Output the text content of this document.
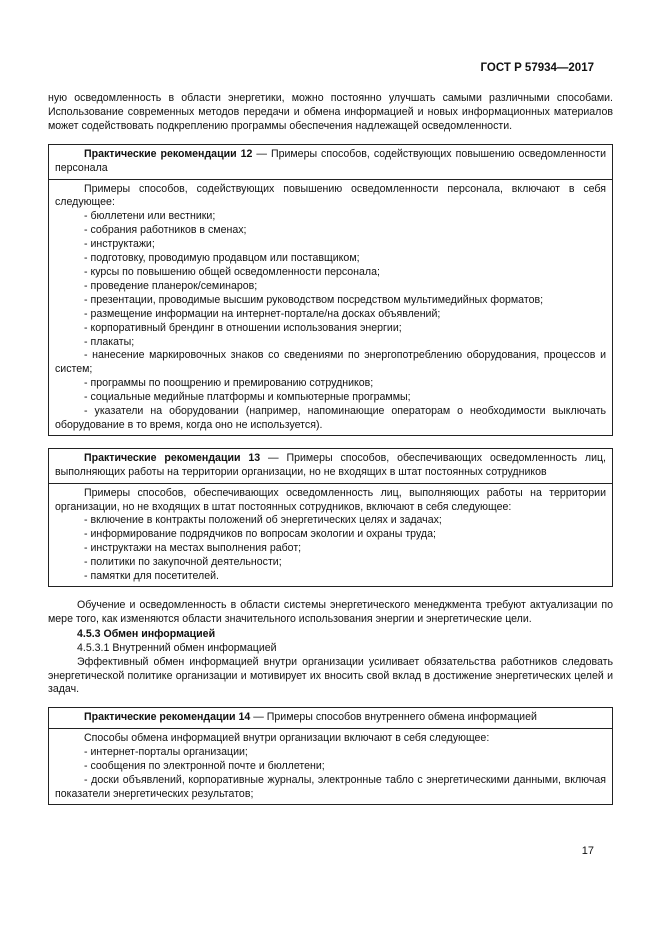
ГОСТ Р 57934—2017

ную осведомленность в области энергетики, можно постоянно улучшать самыми различными способами. Использование современных методов передачи и обмена информацией и новых информационных материалов может содействовать подкреплению программы обеспечения надлежащей осведомленности.

Практические рекомендации 12 — Примеры способов, содействующих повышению осведомленности персонала

Примеры способов, содействующих повышению осведомленности персонала, включают в себя следующее:

- бюллетени или вестники;
- собрания работников в сменах;
- инструктажи;
- подготовку, проводимую продавцом или поставщиком;
- курсы по повышению общей осведомленности персонала;
- проведение планерок/семинаров;
- презентации, проводимые высшим руководством посредством мультимедийных форматов;
- размещение информации на интернет-портале/на досках объявлений;
- корпоративный брендинг в отношении использования энергии;
- плакаты;
- нанесение маркировочных знаков со сведениями по энергопотреблению оборудования, процессов и систем;
- программы по поощрению и премированию сотрудников;
- социальные медийные платформы и компьютерные программы;
- указатели на оборудовании (например, напоминающие операторам о необходимости выключать оборудование в то время, когда оно не используется).
Практические рекомендации 13 — Примеры способов, обеспечивающих осведомленность лиц, выполняющих работы на территории организации, но не входящих в штат постоянных сотрудников

Примеры способов, обеспечивающих осведомленность лиц, выполняющих работы на территории организации, но не входящих в штат постоянных сотрудников, включают в себя следующее:

- включение в контракты положений об энергетических целях и задачах;
- информирование подрядчиков по вопросам экологии и охраны труда;
- инструктажи на местах выполнения работ;
- политики по закупочной деятельности;
- памятки для посетителей.

Обучение и осведомленность в области системы энергетического менеджмента требуют актуализации по мере того, как изменяются области значительного использования энергии и энергетические цели.

4.5.3 Обмен информацией
4.5.3.1 Внутренний обмен информацией

Эффективный обмен информацией внутри организации усиливает обязательства работников следовать энергетической политике организации и мотивирует их вносить свой вклад в достижение энергетических целей и задач.

Практические рекомендации 14 — Примеры способов внутреннего обмена информацией

Способы обмена информацией внутри организации включают в себя следующее:

- интернет-порталы организации;
- сообщения по электронной почте и бюллетени;
- доски объявлений, корпоративные журналы, электронные табло с энергетическими данными, включая показатели энергетических результатов;
17
